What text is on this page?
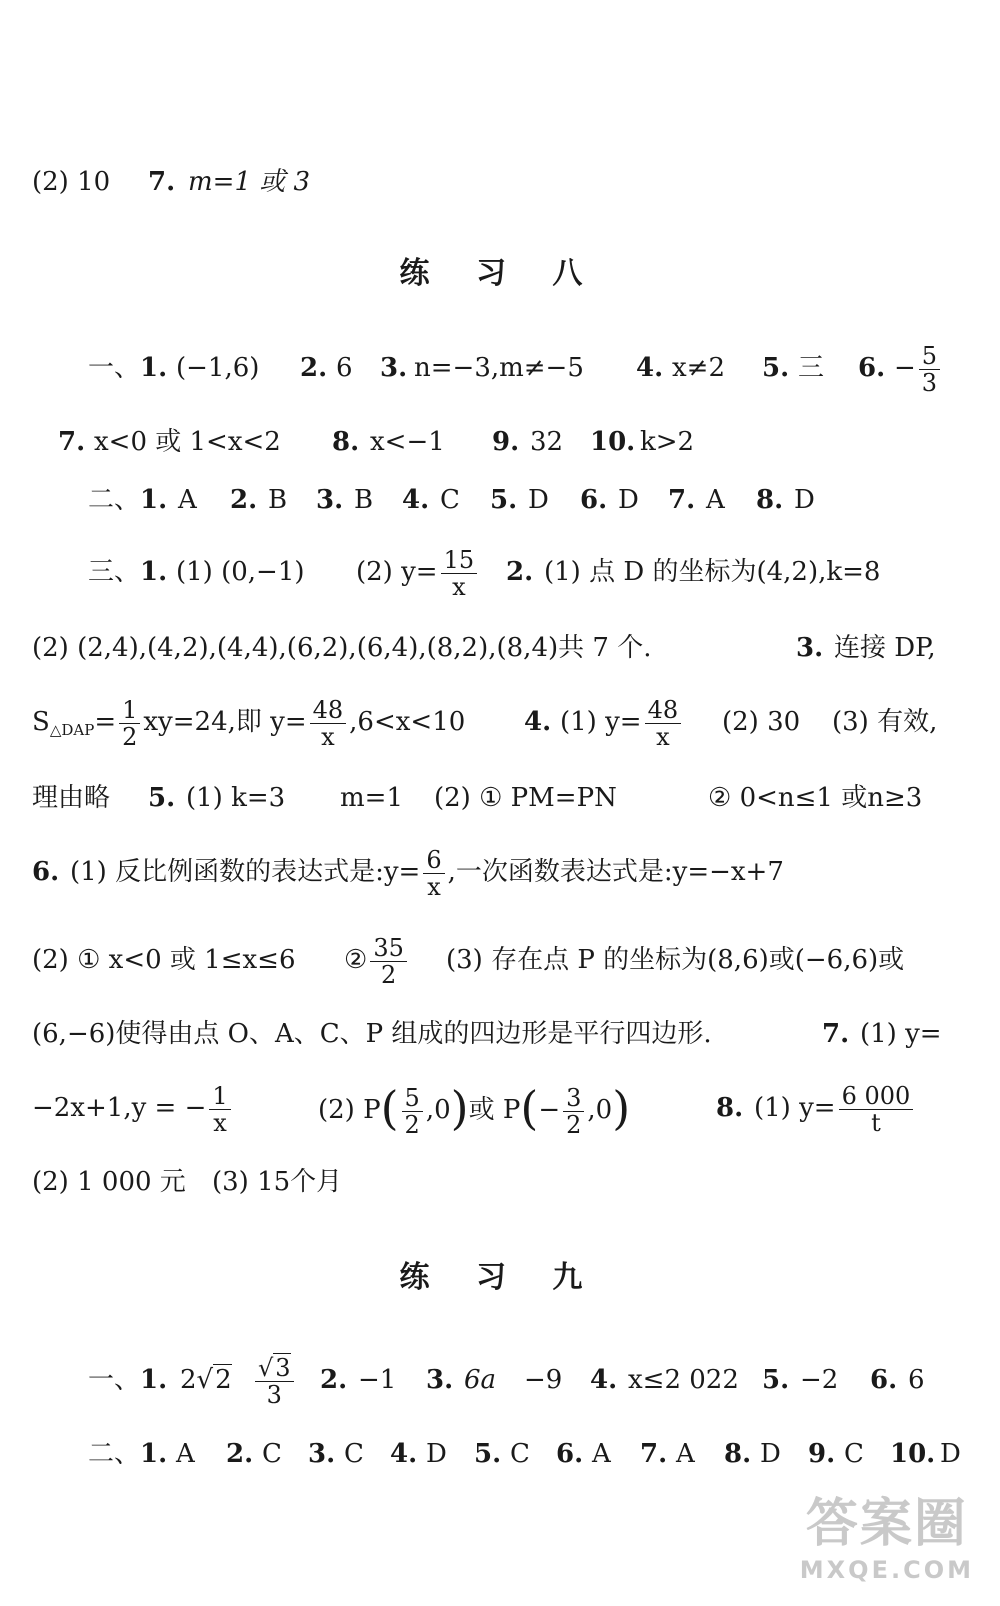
(2) 10 7. m=1 或 3
练 习 八
一、 1. (−1,6) 2. 6 3. n=−3,m≠−5 4. x≠2 5. 三 6. − $\frac{5}{3}$
7. x<0 或 1<x<2 8. x<−1 9. 32 10. k>2
二、 1. A 2. B 3. B 4. C 5. D 6. D 7. A 8. D
三、 1. (1) (0,−1) (2) $y= \frac{15}{x} 2$. (1) 点 D 的坐标为(4,2),k=8
(2) (2,4),(4,2),(4,4),(6,2),(6,4),(8,2),(8,4)共 7 个.	3. 连接 DP,
$S_{\triangle DAP}= \frac{1}{2} xy=24$,即 $y= \frac{48}{x} ,6<x<10$ 4. (1) $y= \frac{48}{x} (2)$ 30 (3) 有效,
理由略 5. (1) k=3 m=1 (2) ① PM=PN	② 0<n≤1 或n≥3
6. (1) 反比例函数的表达式是:y= $\frac{6}{x}$ ,一次函数表达式是:y=−x+7
(2) ① x<0 或 1≤x≤6 ② $\frac{35}{2} (3)$ 存在点 P 的坐标为(8,6)或(−6,6)或
(6,−6)使得由点 O、A、C、P 组成的四边形是平行四边形.	7. (1) y=
−2x+1,y = − $\frac{1}{x}$	(2) $P( \frac{5}{2} ,0)$或 $P(- \frac{3}{2} ,0)$	8. (1) $y= \frac{6 000}{t}$
(2) 1 000 元 (3) 15个月
练 习 九
一、 1. $2√2 \frac{√3}{3} 2$. −1 3. 6a −9 4. x≤2 022 5. −2 6. 6
二、 1. A 2. C 3. C 4. D 5. C 6. A 7. A 8. D 9. C 10. D
答案圈
MXQE.COM
